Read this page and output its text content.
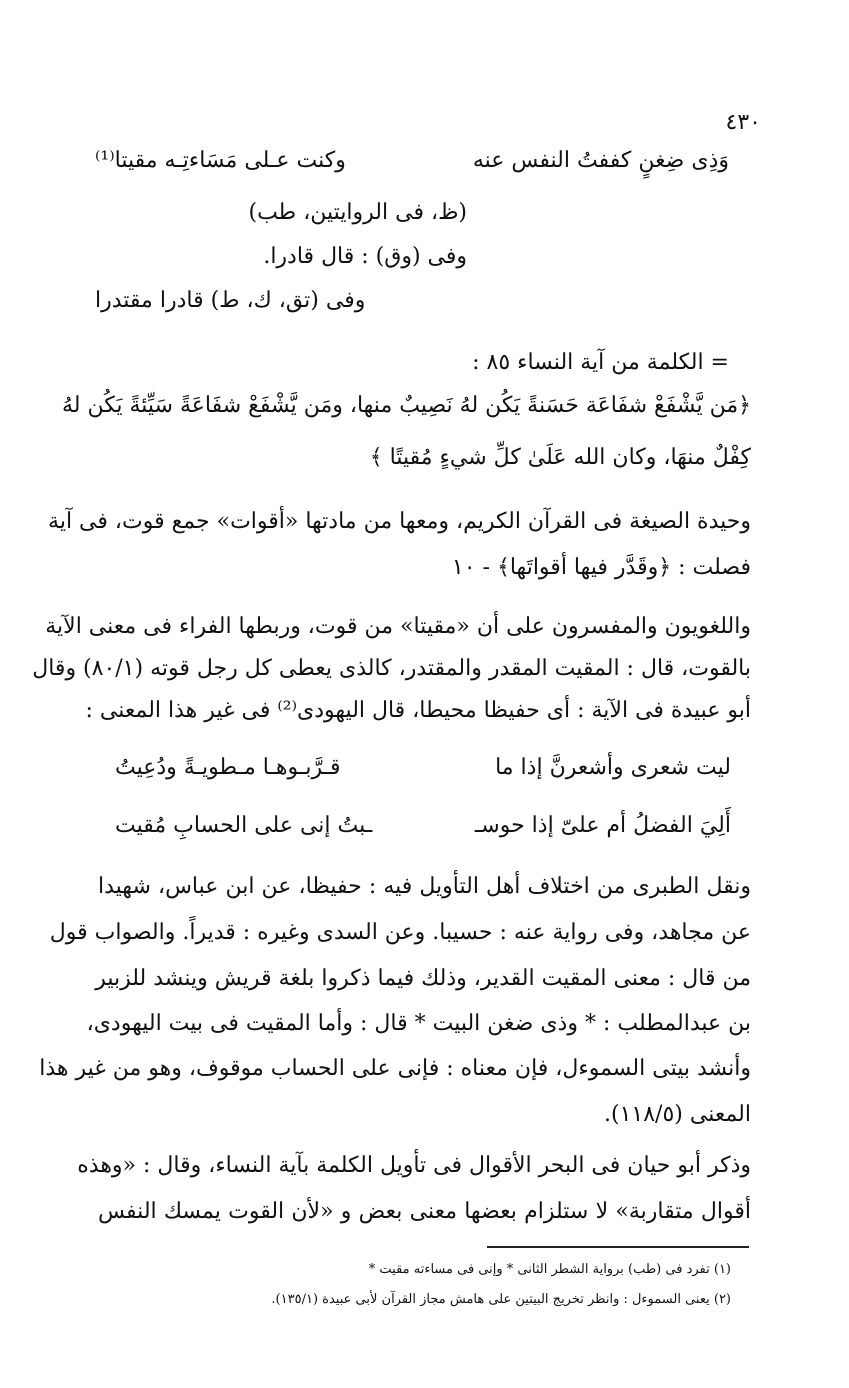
٤٣٠
وَذِى ضِغنٍ كففتُ النفس عنه
وكنت عـلى مَسَاءتِـه مقيتا⁽¹⁾
(ظ، فى الروايتين، طب)
وفى (وق) : قال قادرا.
وفى (تق، ك، ط) قادرا مقتدرا
= الكلمة من آية النساء ٨٥ :
﴿مَن يَّشْفَعْ شفَاعَة حَسَنةً يَكُن لهُ نَصِيبٌ منها، ومَن يَّشْفَعْ شفَاعَةً سَيِّئةً يَكُن لهُ
كِفْلٌ منهَا، وكان الله عَلَىٰ كلِّ شيءٍ مُقيتًا ﴾
وحيدة الصيغة فى القرآن الكريم، ومعها من مادتها «أقوات» جمع قوت، فى آية
فصلت : ﴿وقَدَّر فيها أقواتَها﴾ - ١٠
واللغويون والمفسرون على أن «مقيتا» من قوت، وربطها الفراء فى معنى الآية
بالقوت، قال : المقيت المقدر والمقتدر، كالذى يعطى كل رجل قوته (٨٠/١) وقال
أبو عبيدة فى الآية : أى حفيظا محيطا، قال اليهودى⁽²⁾ فى غير هذا المعنى :
ليت شعرى وأشعرنَّ إذا ما
قـرَّبـوهـا مـطويـةً ودُعِيتُ
أَلِيَ الفضلُ أم علىّ إذا حوسـ
ـبتُ إنى على الحسابِ مُقيت
ونقل الطبرى من اختلاف أهل التأويل فيه : حفيظا، عن ابن عباس، شهيدا
عن مجاهد، وفى رواية عنه : حسيبا. وعن السدى وغيره : قديراً. والصواب قول
من قال : معنى المقيت القدير، وذلك فيما ذكروا بلغة قريش وينشد للزبير
بن عبدالمطلب : * وذى ضغن البيت * قال : وأما المقيت فى بيت اليهودى،
وأنشد بيتى السموءل، فإن معناه : فإنى على الحساب موقوف، وهو من غير هذا
المعنى (١١٨/٥).
وذكر أبو حيان فى البحر الأقوال فى تأويل الكلمة بآية النساء، وقال : «وهذه
أقوال متقاربة» لا ستلزام بعضها معنى بعض و «لأن القوت يمسك النفس
(١) تفرد فى (طب) برواية الشطر الثانى * وإنى فى مساءته مقيت *
(٢) يعنى السموءل : وانظر تخريج البيتين على هامش مجاز القرآن لأبى عبيدة (١٣٥/١).
